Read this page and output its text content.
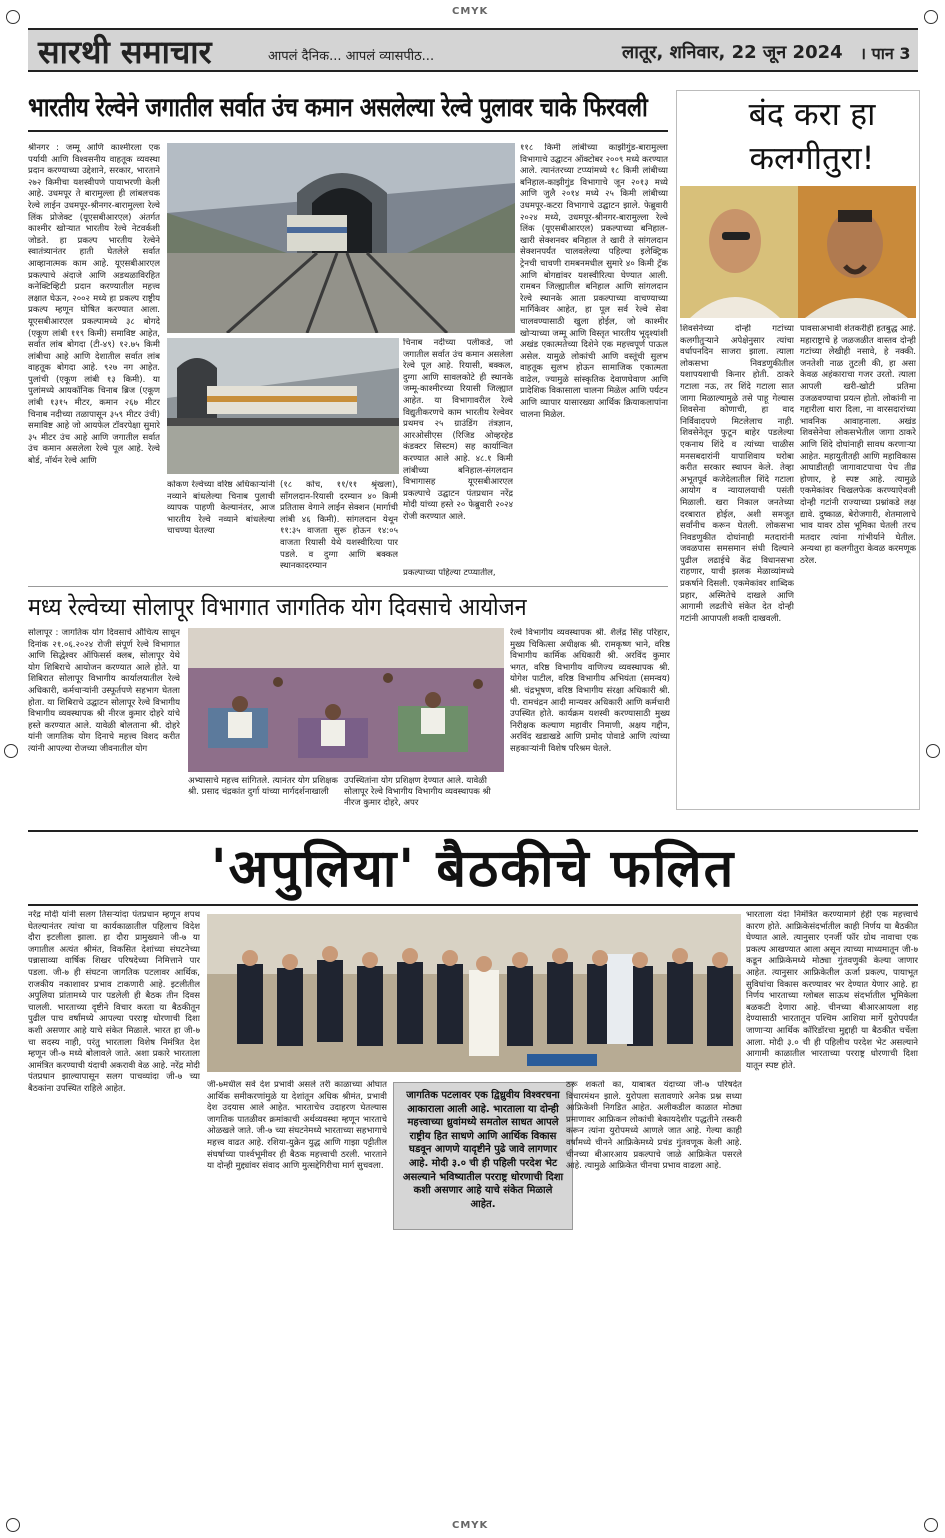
CMYK
CMYK
सारथी समाचार	आपलं दैनिक... आपलं व्यासपीठ...	लातूर, शनिवार, 22 जून 2024 । पान 3
भारतीय रेल्वेने जगातील सर्वात उंच कमान असलेल्या रेल्वे पुलावर चाके फिरवली
श्रीनगर : जम्मू आणि काश्मीरला एक पर्यायी आणि विश्वसनीय वाहतूक व्यवस्था प्रदान करण्याच्या उद्देशाने, सरकार, भारताने २७२ किमीचा यशस्वीपणे पायाभरणी केली आहे. उधमपूर ते बारामुल्ला ही लांबलचक रेल्वे लाईन उधमपूर-श्रीनगर-बारामुल्ला रेल्वे लिंक प्रोजेक्ट (यूएसबीआरएल) अंतर्गत काश्मीर खोऱ्यात भारतीय रेल्वे नेटवर्कशी जोडते. हा प्रकल्प भारतीय रेल्वेने स्वातंत्र्यानंतर हाती घेतलेले सर्वात आव्हानात्मक काम आहे. यूएसबीआरएल प्रकल्पाचे अंदाजे आणि अडथळाविरहित कनेक्टिव्हिटी प्रदान करण्यातील महत्त्व लक्षात घेऊन, २००२ मध्ये हा प्रकल्प राष्ट्रीय प्रकल्प म्हणून घोषित करण्यात आला. यूएसबीआरएल प्रकल्पामध्ये ३८ बोगदे (एकूण लांबी ११९ किमी) समाविष्ट आहेत, सर्वात लांब बोगदा (टी-४९) १२.७५ किमी लांबीचा आहे आणि देशातील सर्वात लांब वाहतूक बोगदा आहे. ९२७ नग आहेत. पुलांची (एकूण लांबी १३ किमी). या पुलांमध्ये आयकॉनिक चिनाब ब्रिज (एकूण लांबी १३१५ मीटर, कमान २६७ मीटर चिनाब नदीच्या तळापासून ३५९ मीटर उंची) समाविष्ट आहे जो आयफेल टॉवरपेक्षा सुमारे ३५ मीटर उंच आहे आणि जगातील सर्वात उंच कमान असलेला रेल्वे पूल आहे. रेल्वे बोर्ड, नॉर्थन रेल्वे आणि
कोकण रेल्वेच्या वरिष्ठ अधिकाऱ्यांनी नव्याने बांधलेल्या चिनाब पुलाची व्यापक पाहणी केल्यानंतर, आज भारतीय रेल्वे नव्याने बांधलेल्या चाचण्या घेतल्या
(१८ कोच, ११/११ श्रृंखला), साँगलदान-रियासी दरम्यान ४० किमी प्रतितास वेगाने लाईन सेक्शन (मार्गाची लांबी ४६ किमी). सांगलदान येथून ११:३५ वाजता सुरू होऊन १४:०५ वाजता रियासी येथे यशस्वीरित्या पार पडले. व दुग्गा आणि बक्कल स्थानकादरम्यान
चिनाब नदीच्या पलीकडे, जो जगातील सर्वात उंच कमान असलेला रेल्वे पूल आहे. रियासी, बक्कल, दुग्गा आणि सावलकोटे ही स्थानके जम्मू-काश्मीरच्या रियासी जिल्ह्यात आहेत. या विभागावरील रेल्वे विद्युतीकरणचे काम भारतीय रेल्वेवर प्रथमच २५ ग्राउंडिंग तंत्रज्ञान, आरओसीएस (रिजिड ओव्हरहेड कंडक्टर सिस्टम) सह कार्यान्वित करण्यात आले आहे. ४८.१ किमी लांबीच्या बनिहाल-संगलदान विभागासह यूएसबीआरएल प्रकल्पाचे उद्घाटन पंतप्रधान नरेंद्र मोदी यांच्या हस्ते २० फेब्रुवारी २०२४ रोजी करण्यात आले.
प्रकल्पाच्या पहिल्या टप्प्यातील,
११८ किमी लांबीच्या काझीगुंड-बारामुल्ला विभागाचे उद्घाटन ऑक्टोबर २००९ मध्ये करण्यात आले. त्यानंतरच्या टप्प्यांमध्ये १८ किमी लांबीच्या बनिहाल-काझीगुंड विभागाचे जून २०१३ मध्ये आणि जुलै २०१४ मध्ये २५ किमी लांबीच्या उधमपूर-कटरा विभागाचे उद्घाटन झाले. फेब्रुवारी २०२४ मध्ये, उधमपूर-श्रीनगर-बारामुल्ला रेल्वे लिंक (यूएसबीआरएल) प्रकल्पाच्या बनिहाल-खारी सेक्शनवर बनिहाल ते खारी ते सांगलदान सेक्शनपर्यंत चालवलेल्या पहिल्या इलेक्ट्रिक ट्रेनची चाचणी रामबनमधील सुमारे ४० किमी ट्रॅक आणि बोगद्यांवर यशस्वीरित्या घेण्यात आली. रामबन जिल्ह्यातील बनिहाल आणि सांगलदान रेल्वे स्थानके आता प्रकल्पाच्या वाचण्याच्या मार्गिकेवर आहेत, हा पूल सर्व रेल्वे सेवा चालवण्यासाठी खुला होईल, जो काश्मीर खोऱ्याच्या जम्मू आणि विस्तृत भारतीय भूदृश्यांशी अखंड एकात्मतेच्या दिशेने एक महत्त्वपूर्ण पाऊल असेल. यामुळे लोकांची आणि वस्तूंची सुलभ वाहतूक सुलभ होऊन सामाजिक एकात्मता वाढेल, ज्यामुळे सांस्कृतिक देवाणघेवाण आणि प्रादेशिक विकासाला चालना मिळेल आणि पर्यटन आणि व्यापार यासारख्या आर्थिक क्रियाकलापांना चालना मिळेल.
बंद करा हा
कलगीतुरा!
शिवसेनेच्या दोन्ही गटांच्या कलगीतुऱ्याने अपेक्षेनुसार त्यांचा वर्धापनदिन साजरा झाला. त्याला लोकसभा निवडणुकीतील यशापयशाची किनार होती. ठाकरे गटाला नऊ, तर शिंदे गटाला सात जागा मिळाल्यामुळे तसे पाहू गेल्यास शिवसेना कोणाची, हा वाद निर्विवादपणे मिटलेलाच नाही. शिवसेनेतून फुटून बाहेर पडलेल्या एकनाथ शिंदे व त्यांच्या चाळीस मनसबदारांनी यापाशिवाय घरोबा करीत सरकार स्थापन केले. तेव्हा अभूतपूर्व कजेदेलातील शिंदे गटाला आयोग व न्यायालयाची पसंती मिळाली. खरा निकाल जनतेच्या दरबारात होईल, अशी समजूत सर्वांनीच करून घेतली. लोकसभा निवडणुकीत दोघांनाही मतदारांनी जवळपास समसमान संधी दिल्याने पुढील लढाईचे केंद्र विधानसभा राहणार, याची झलक मेळाव्यांमध्ये प्रकर्षाने दिसली. एकमेकांवर शाब्दिक प्रहार, अस्मितेचे दाखले आणि आगामी लढतीचे संकेत देत दोन्ही गटांनी आपापली शक्ती दाखवली.
पावसाअभावी शेतकरीही हतबुद्ध आहे. महाराष्ट्राचे हे जळजळीत वास्तव दोन्ही गटांच्या लेखीही नसावे, हे नक्की. जनतेशी नाळ तुटली की, हा असा केवळ अहंकाराचा गजर उरतो. त्याला आपली खरी-खोटी प्रतिमा उजळवण्याचा प्रयत्न होतो. लोकांनी ना गद्दारीला थारा दिला, ना वारसदारांच्या भावनिक आवाहनाला. अखंड शिवसेनेचा लोकसभेतील जागा ठाकरे आणि शिंदे दोघांनाही सावध करणाऱ्या आहेत. महायुतीतही आणि महाविकास आघाडीतही जागावाटपाचा पेच तीव्र होणार, हे स्पष्ट आहे. त्यामुळे एकमेकांवर चिखलफेक करण्याऐवजी दोन्ही गटांनी राज्याच्या प्रश्नांकडे लक्ष द्यावे. दुष्काळ, बेरोजगारी, शेतमालाचे भाव यावर ठोस भूमिका घेतली तरच मतदार त्यांना गांभीर्याने घेतील. अन्यथा हा कलगीतुरा केवळ करमणूक ठरेल.
मध्य रेल्वेच्या सोलापूर विभागात जागतिक योग दिवसाचे आयोजन
सोलापूर : जागतिक योग दिवसाचे औचित्य साधून दिनांक २१.०६.२०२४ रोजी संपूर्ण रेल्वे विभागात आणि सिद्धेश्वर ऑफिसर्स क्लब, सोलापूर येथे योग शिबिराचे आयोजन करण्यात आले होते. या शिबिरात सोलापूर विभागीय कार्यालयातील रेल्वे अधिकारी, कर्मचाऱ्यांनी उस्फूर्तपणे सहभाग घेतला होता. या शिबिराचे उद्घाटन सोलापूर रेल्वे विभागीय विभागीय व्यवस्थापक श्री नीरज कुमार दोहरे यांचे हस्ते करण्यात आले. यावेळी बोलताना श्री. दोहरे यांनी जागतिक योग दिनाचे महत्त्व विशद करीत त्यांनी आपल्या रोजच्या जीवनातील योग
अभ्यासाचे महत्त्व सांगितले. त्यानंतर योग प्रशिक्षक श्री. प्रसाद चंद्रकांत दुर्गा यांच्या मार्गदर्शनाखाली
उपस्थितांना योग प्रशिक्षण देण्यात आले. यावेळी सोलापूर रेल्वे विभागीय विभागीय व्यवस्थापक श्री नीरज कुमार दोहरे, अपर
रेल्वे विभागीय व्यवस्थापक श्री. शैलेंद्र सिंह परिहार, मुख्य चिकित्सा अधीक्षक श्री. रामकृष्ण भाने, वरिष्ठ विभागीय कार्मिक अधिकारी श्री. अरविंद कुमार भगत, वरिष्ठ विभागीय वाणिज्य व्यवस्थापक श्री. योगेश पाटील, वरिष्ठ विभागीय अभियंता (समन्वय) श्री. चंद्रभूषण, वरिष्ठ विभागीय संरक्षा अधिकारी श्री. पी. रामचंद्रन आदी मान्यवर अधिकारी आणि कर्मचारी उपस्थित होते. कार्यक्रम यशस्वी करण्यासाठी मुख्य निरीक्षक कल्याण महावीर निमाणी, अक्षय गद्दीन, अरविंद खडाखडे आणि प्रमोद पोवाडे आणि त्यांच्या सहकाऱ्यांनी विशेष परिश्रम घेतले.
'अपुलिया' बैठकीचे फलित
नरेंद्र मोदी यांनी सलग तिसऱ्यांदा पंतप्रधान म्हणून शपथ घेतल्यानंतर त्यांचा या कार्यकाळातील पहिलाच विदेश दौरा इटलीला झाला. हा दौरा प्रामुख्याने जी-७ या जगातील अत्यंत श्रीमंत, विकसित देशांच्या संघटनेच्या पन्नासाव्या वार्षिक शिखर परिषदेच्या निमित्ताने पार पडला. जी-७ ही संघटना जागतिक पटलावर आर्थिक, राजकीय नकाशावर प्रभाव टाकणारी आहे. इटलीतील अपुलिया प्रांतामध्ये पार पडलेली ही बैठक तीन दिवस चालली. भारताच्या दृष्टीने विचार करता या बैठकीतून पुढील पाच वर्षांमध्ये आपल्या परराष्ट्र धोरणाची दिशा कशी असणार आहे याचे संकेत मिळाले. भारत हा जी-७ चा सदस्य नाही, परंतु भारताला विशेष निमंत्रित देश म्हणून जी-७ मध्ये बोलावले जाते. अशा प्रकारे भारताला आमंत्रित करण्याची यंदाची अकरावी वेळ आहे. नरेंद्र मोदी पंतप्रधान झाल्यापासून सलग पाचव्यांदा जी-७ च्या बैठकांना उपस्थित राहिले आहेत.	जी-७मधील सर्व देश प्रभावी असले तरी काळाच्या ओघात आर्थिक समीकरणांमुळे या देशांतून अधिक श्रीमंत, प्रभावी देश उदयास आले आहेत. भारताचेच उदाहरण घेतल्यास जागतिक पातळीवर क्रमांकाची अर्थव्यवस्था म्हणून भारताचे ओळखले जाते. जी-७ च्या संघटनेमध्ये भारताच्या सहभागाचे महत्त्व वाढत आहे. रशिया-युक्रेन युद्ध आणि गाझा पट्टीतील संघर्षाच्या पार्श्वभूमीवर ही बैठक महत्त्वाची ठरली. भारताने या दोन्ही मुद्द्यांवर संवाद आणि मुत्सद्देगिरीचा मार्ग सुचवला.
जागतिक पटलावर एक द्विध्रुवीय विश्वरचना आकाराला आली आहे. भारताला या दोन्ही महत्त्वाच्या ध्रुवांमध्ये समतोल साधत आपले राष्ट्रीय हित साधणे आणि आर्थिक विकास घडवून आणणे यादृष्टीने पुढे जावे लागणार आहे. मोदी ३.० ची ही पहिली परदेश भेट असल्याने भविष्यातील परराष्ट्र धोरणाची दिशा कशी असणार आहे याचे संकेत मिळाले आहेत.
ठरू शकतो का, याबाबत यंदाच्या जी-७ परिषदेत विचारमंथन झाले. युरोपला सतावणारे अनेक प्रश्न सध्या आफ्रिकेशी निगडित आहेत. अलीकडील काळात मोठ्या प्रमाणावर आफ्रिकन लोकांची बेकायदेशीर पद्धतीने तस्करी करून त्यांना युरोपमध्ये आणले जात आहे. गेल्या काही वर्षांमध्ये चीनने आफ्रिकेमध्ये प्रचंड गुंतवणूक केली आहे. चीनच्या बीआरआय प्रकल्पाचे जाळे आफ्रिकेत पसरले आहे. त्यामुळे आफ्रिकेत चीनचा प्रभाव वाढला आहे.
भारताला यंदा निमंत्रित करण्यामागे हेही एक महत्त्वाचे कारण होते. आफ्रिकेसंदर्भातील काही निर्णय या बैठकीत घेण्यात आले. त्यानुसार एनर्जी फॉर ग्रोथ नावाचा एक प्रकल्प आखण्यात आला असून त्याच्या माध्यमातून जी-७ कडून आफ्रिकेमध्ये मोठ्या गुंतवणुकी केल्या जाणार आहेत. त्यानुसार आफ्रिकेतील ऊर्जा प्रकल्प, पायाभूत सुविधांचा विकास करण्यावर भर देण्यात येणार आहे. हा निर्णय भारताच्या ग्लोबल साऊथ संदर्भातील भूमिकेला बळकटी देणारा आहे. चीनच्या बीआरआयला शह देण्यासाठी भारतातून पश्चिम आशिया मार्गे युरोपपर्यंत जाणाऱ्या आर्थिक कॉरिडॉरचा मुद्दाही या बैठकीत चर्चेला आला. मोदी ३.० ची ही पहिलीच परदेश भेट असल्याने आगामी काळातील भारताच्या परराष्ट्र धोरणाची दिशा यातून स्पष्ट होते.
